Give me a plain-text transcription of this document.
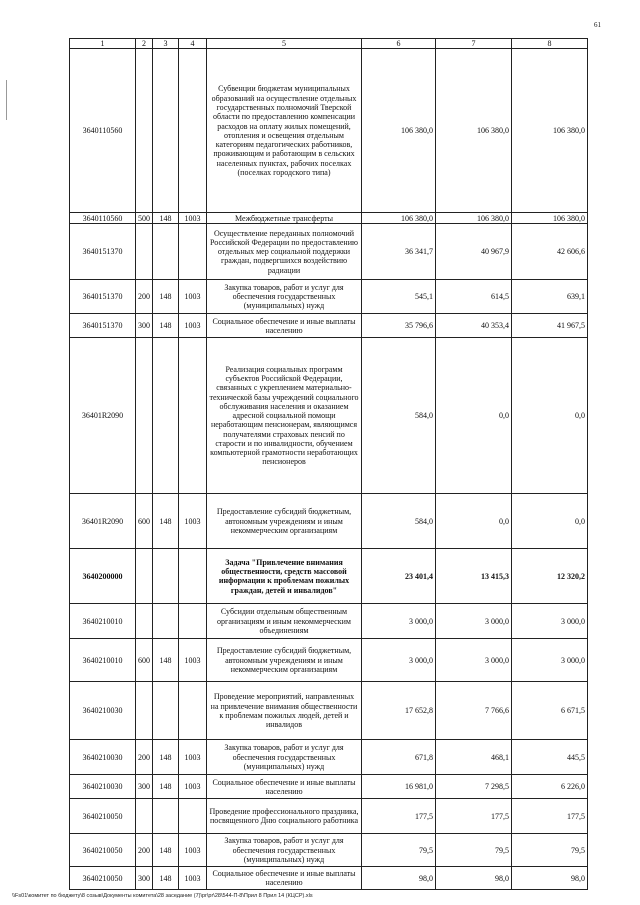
61
1	2	3	4	5	6	7	8
3640110560				Субвенции бюджетам муниципальных образований на осуществление отдельных государственных полномочий Тверской области по предоставлению компенсации расходов на оплату жилых помещений, отопления и освещения отдельным категориям педагогических работников, проживающим и работающим в сельских населенных пунктах, рабочих поселках (поселках городского типа)	106 380,0	106 380,0	106 380,0
3640110560	500	148	1003	Межбюджетные трансферты	106 380,0	106 380,0	106 380,0
3640151370				Осуществление переданных полномочий Российской Федерации по предоставлению отдельных мер социальной поддержки граждан, подвергшихся воздействию радиации	36 341,7	40 967,9	42 606,6
3640151370	200	148	1003	Закупка товаров, работ и услуг для обеспечения государственных (муниципальных) нужд	545,1	614,5	639,1
3640151370	300	148	1003	Социальное обеспечение и иные выплаты населению	35 796,6	40 353,4	41 967,5
36401R2090				Реализация социальных программ субъектов Российской Федерации, связанных с укреплением материально-технической базы учреждений социального обслуживания населения и оказанием адресной социальной помощи неработающим пенсионерам, являющимся получателями страховых пенсий по старости и по инвалидности, обучением компьютерной грамотности неработающих пенсионеров	584,0	0,0	0,0
36401R2090	600	148	1003	Предоставление субсидий бюджетным, автономным учреждениям и иным некоммерческим организациям	584,0	0,0	0,0
3640200000				Задача "Привлечение внимания общественности, средств массовой информации к проблемам пожилых граждан, детей и инвалидов"	23 401,4	13 415,3	12 320,2
3640210010				Субсидии отдельным общественным организациям и иным некоммерческим объединениям	3 000,0	3 000,0	3 000,0
3640210010	600	148	1003	Предоставление субсидий бюджетным, автономным учреждениям и иным некоммерческим организациям	3 000,0	3 000,0	3 000,0
3640210030				Проведение мероприятий, направленных на привлечение внимания общественности к проблемам пожилых людей, детей и инвалидов	17 652,8	7 766,6	6 671,5
3640210030	200	148	1003	Закупка товаров, работ и услуг для обеспечения государственных (муниципальных) нужд	671,8	468,1	445,5
3640210030	300	148	1003	Социальное обеспечение и иные выплаты населению	16 981,0	7 298,5	6 226,0
3640210050				Проведение профессионального праздника, посвященного Дню социального работника	177,5	177,5	177,5
3640210050	200	148	1003	Закупка товаров, работ и услуг для обеспечения государственных (муниципальных) нужд	79,5	79,5	79,5
3640210050	300	148	1003	Социальное обеспечение и иные выплаты населению	98,0	98,0	98,0
\\Fs01\комитет по бюджету\8 созыв\Документы комитета\28 заседание (7)\pr\pr\28\544-П-8\Прил 8 Прил 14 (КЦСР).xls
